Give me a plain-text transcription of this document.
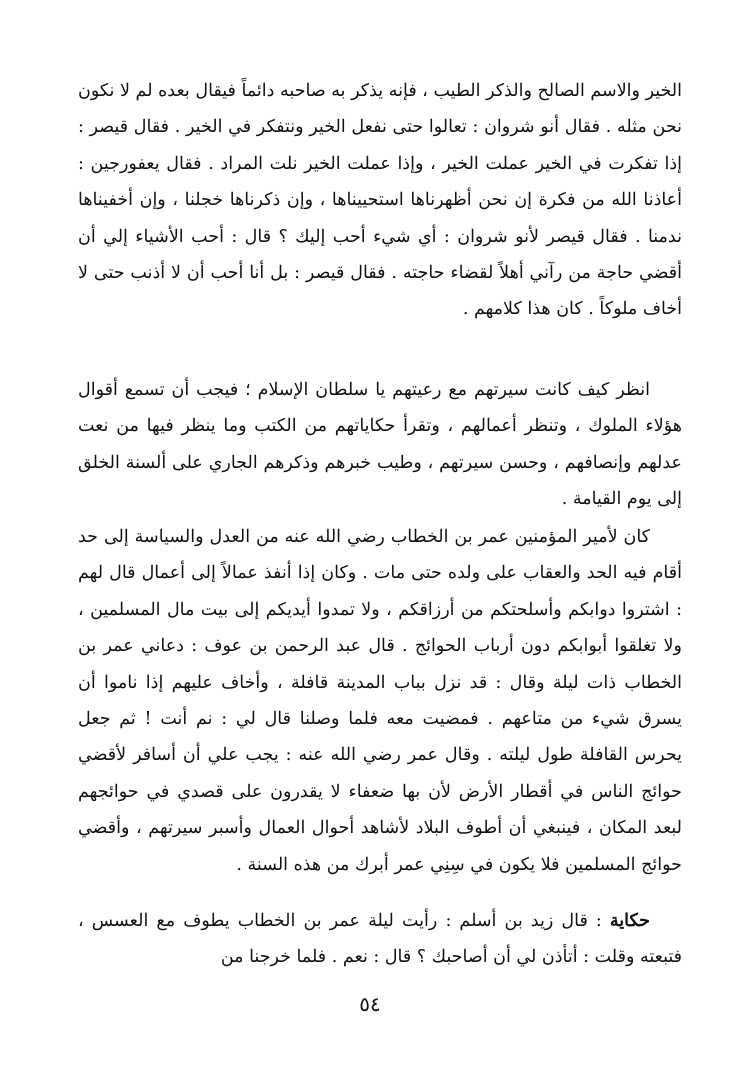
الخير والاسم الصالح والذكر الطيب ، فإنه يذكر به صاحبه دائماً فيقال بعده لم لا نكون نحن مثله . فقال أنو شروان : تعالوا حتى نفعل الخير ونتفكر في الخير . فقال قيصر : إذا تفكرت في الخير عملت الخير ، وإذا عملت الخير نلت المراد . فقال يعفورجين : أعاذنا الله من فكرة إن نحن أظهرناها استحييناها ، وإن ذكرناها خجلنا ، وإن أخفيناها ندمنا . فقال قيصر لأنو شروان : أي شيء أحب إليك ؟ قال : أحب الأشياء إلي أن أقضي حاجة من رآني أهلاً لقضاء حاجته . فقال قيصر : بل أنا أحب أن لا أذنب حتى لا أخاف ملوكاً . كان هذا كلامهم .

انظر كيف كانت سيرتهم مع رعيتهم يا سلطان الإسلام ؛ فيجب أن تسمع أقوال هؤلاء الملوك ، وتنظر أعمالهم ، وتقرأ حكاياتهم من الكتب وما ينظر فيها من نعت عدلهم وإنصافهم ، وحسن سيرتهم ، وطيب خبرهم وذكرهم الجاري على ألسنة الخلق إلى يوم القيامة .

كان لأمير المؤمنين عمر بن الخطاب رضي الله عنه من العدل والسياسة إلى حد أقام فيه الحد والعقاب على ولده حتى مات . وكان إذا أنفذ عمالاً إلى أعمال قال لهم : اشتروا دوابكم وأسلحتكم من أرزاقكم ، ولا تمدوا أيديكم إلى بيت مال المسلمين ، ولا تغلقوا أبوابكم دون أرباب الحوائج . قال عبد الرحمن بن عوف : دعاني عمر بن الخطاب ذات ليلة وقال : قد نزل بباب المدينة قافلة ، وأخاف عليهم إذا ناموا أن يسرق شيء من متاعهم . فمضيت معه فلما وصلنا قال لي : نم أنت ! ثم جعل يحرس القافلة طول ليلته . وقال عمر رضي الله عنه : يجب علي أن أسافر لأقضي حوائج الناس في أقطار الأرض لأن بها ضعفاء لا يقدرون على قصدي في حوائجهم لبعد المكان ، فينبغي أن أطوف البلاد لأشاهد أحوال العمال وأسبر سيرتهم ، وأقضي حوائج المسلمين فلا يكون في سِنِي عمر أبرك من هذه السنة .

حكاية : قال زيد بن أسلم : رأيت ليلة عمر بن الخطاب يطوف مع العسس ، فتبعته وقلت : أتأذن لي أن أصاحبك ؟ قال : نعم . فلما خرجنا من

٥٤
